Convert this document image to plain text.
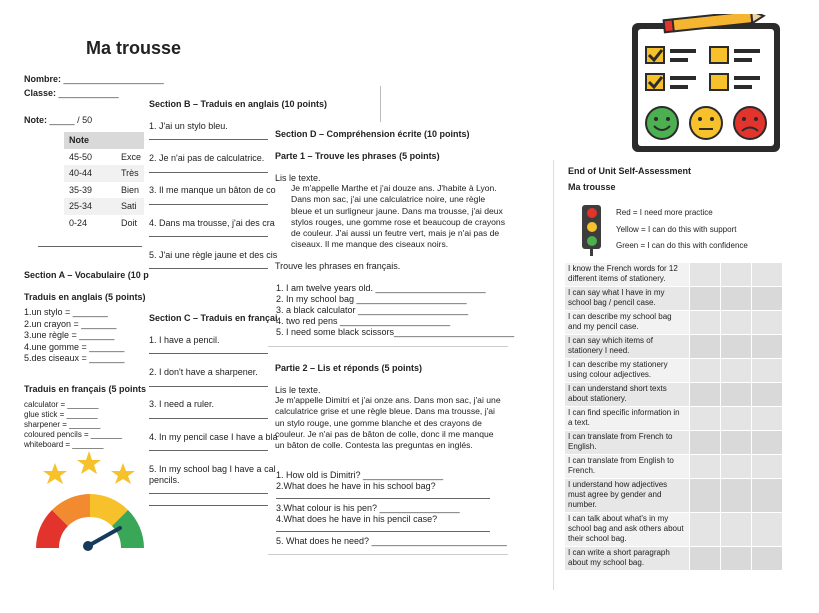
Ma trousse
Nombre: ____________________
Classe: ____________
Note: _____ / 50
Note	
45-50	Exce
40-44	Très
35-39	Bien
25-34	Sati
0-24	Doit
Section A – Vocabulaire (10 p
Traduis en anglais (5 points)
1.un stylo = _______
2.un crayon = _______
3.une règle = _______
4.une gomme = _______
5.des ciseaux = _______
Traduis en français (5 points
calculator = _______
glue stick = _______
sharpener = _______
coloured pencils = _______
whiteboard = _______
Section B – Traduis en anglais (10 points)
1. J'ai un stylo bleu.
2. Je n'ai pas de calculatrice.
3. Il me manque un bâton de co
4. Dans ma trousse, j'ai des cra
5. J'ai une règle jaune et des cis
Section C – Traduis en françai
1. I have a pencil.
2. I don't have a sharpener.
3. I need a ruler.
4. In my pencil case I have a bla
5. In my school bag I have a cal
pencils.
Section D – Compréhension écrite (10 points)
Parte 1 – Trouve les phrases (5 points)
Lis le texte.
Je m'appelle Marthe et j'ai douze ans. J'habite à Lyon. Dans mon sac, j'ai une calculatrice noire, une règle bleue et un surligneur jaune. Dans ma trousse, j'ai deux stylos rouges, une gomme rose et beaucoup de crayons de couleur. J'ai aussi un feutre vert, mais je n'ai pas de ciseaux. Il me manque des ciseaux noirs.
Trouve les phrases en français.
1. I am twelve years old. ______________________
2. In my school bag ______________________
3. a black calculator ______________________
4. two red pens ______________________
5. I need some black scissors________________________
Partie 2 – Lis et réponds (5 points)
Lis le texte.
Je m'appelle Dimitri et j'ai onze ans. Dans mon sac, j'ai une calculatrice grise et une règle bleue. Dans ma trousse, j'ai un stylo rouge, une gomme blanche et des crayons de couleur. Je n'ai pas de bâton de colle, donc il me manque un bâton de colle. Contesta las preguntas en inglés.
1. How old is Dimitri? ________________
2.What does he have in his school bag?
3.What colour is his pen? ________________
4.What does he have in his pencil case?
5. What does he need? ___________________________
End of Unit Self-Assessment
Ma trousse
Red = I need more practice
Yellow = I can do this with support
Green = I can do this with confidence
I know the French words for 12 different items of stationery.			
I can say what I have in my school bag / pencil case.			
I can describe my school bag and my pencil case.			
I can say which items of stationery I need.			
I can describe my stationery using colour adjectives.			
I can understand short texts about stationery.			
I can find specific information in a text.			
I can translate from French to English.			
I can translate from English to French.			
I understand how adjectives must agree by gender and number.			
I can talk about what's in my school bag and ask others about their school bag.			
I can write a short paragraph about my school bag.			
